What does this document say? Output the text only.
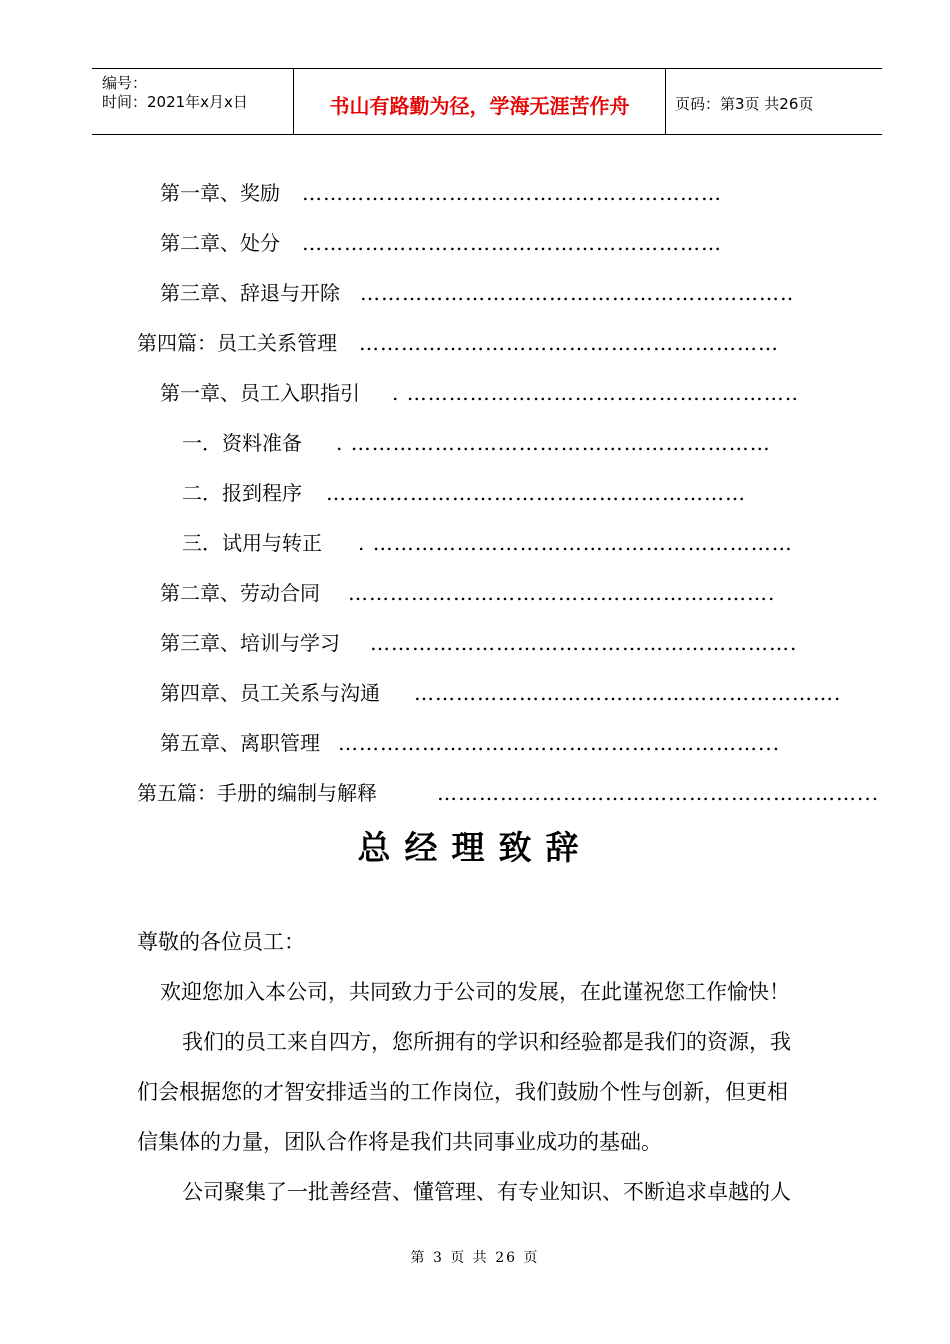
编号：
时间：2021年x月x日	书山有路勤为径，学海无涯苦作舟	页码：第3页 共26页
第一章、奖励 ……………………………………………………
第二章、处分 ……………………………………………………
第三章、辞退与开除 ……………………………………………………‥
第四篇：员工关系管理 ……………………………………………………
第一章、员工入职指引 . ………………………………………………‥
一．资料准备 . ……………………………………………………
二．报到程序 ……………………………………………………
三．试用与转正 . ……………………………………………………
第二章、劳动合同 …………………………………………………….
第三章、培训与学习 …………………………………………………….
第四章、员工关系与沟通 …………………………………………………….
第五章、离职管理 ……………………………………………………...
第五篇：手册的编制与解释	……………………………………………………...
总经理致辞
尊敬的各位员工：
欢迎您加入本公司，共同致力于公司的发展，在此谨祝您工作愉快！
我们的员工来自四方，您所拥有的学识和经验都是我们的资源，我
们会根据您的才智安排适当的工作岗位，我们鼓励个性与创新，但更相
信集体的力量，团队合作将是我们共同事业成功的基础。
公司聚集了一批善经营、懂管理、有专业知识、不断追求卓越的人
第 3 页 共 26 页
